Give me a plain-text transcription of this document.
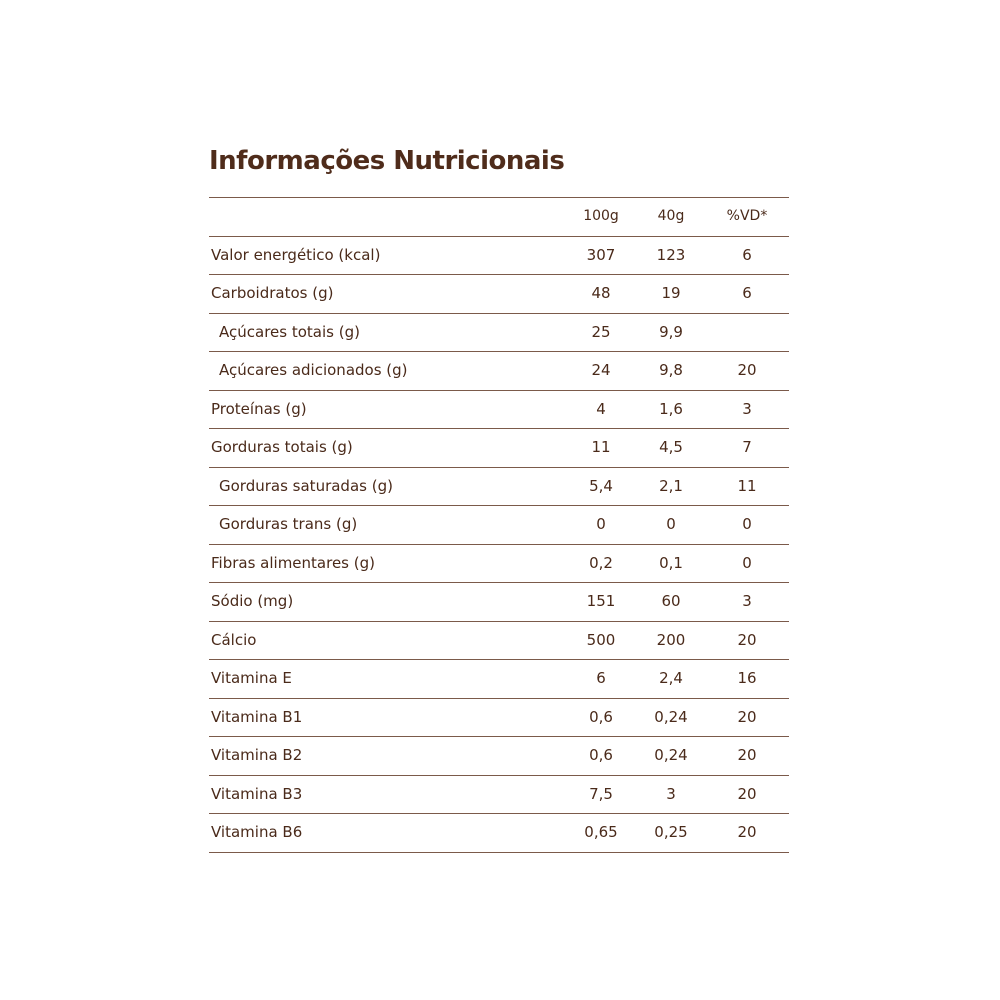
Informações Nutricionais
100g	40g	%VD*
Valor energético (kcal)	307	123	6
Carboidratos (g)	48	19	6
Açúcares totais (g)	25	9,9
Açúcares adicionados (g)	24	9,8	20
Proteínas (g)	4	1,6	3
Gorduras totais (g)	11	4,5	7
Gorduras saturadas (g)	5,4	2,1	11
Gorduras trans (g)	0	0	0
Fibras alimentares (g)	0,2	0,1	0
Sódio (mg)	151	60	3
Cálcio	500	200	20
Vitamina E	6	2,4	16
Vitamina B1	0,6	0,24	20
Vitamina B2	0,6	0,24	20
Vitamina B3	7,5	3	20
Vitamina B6	0,65	0,25	20
